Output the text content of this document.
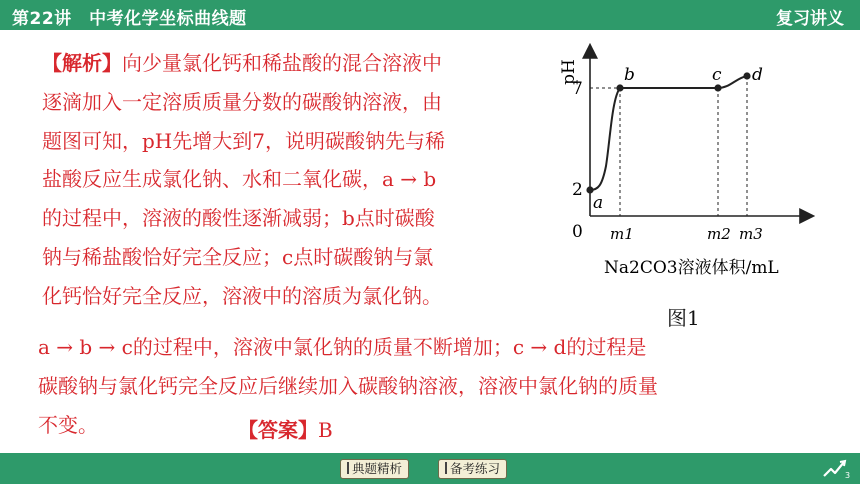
第22讲　中考化学坐标曲线题	复习讲义
【解析】向少量氯化钙和稀盐酸的混合溶液中
逐滴加入一定溶质质量分数的碳酸钠溶液，由
题图可知，pH先增大到7，说明碳酸钠先与稀
盐酸反应生成氯化钠、水和二氧化碳，a → b
的过程中，溶液的酸性逐渐减弱；b点时碳酸
钠与稀盐酸恰好完全反应；c点时碳酸钠与氯
化钙恰好完全反应，溶液中的溶质为氯化钠。
pH
7
2
0
a
b	c d
m1	m2 m3
Na2CO3溶液体积/mL
图1
a → b → c的过程中，溶液中氯化钠的质量不断增加；c → d的过程是
碳酸钠与氯化钙完全反应后继续加入碳酸钠溶液，溶液中氯化钠的质量
不变。	【答案】B
典题精析	备考练习	3
